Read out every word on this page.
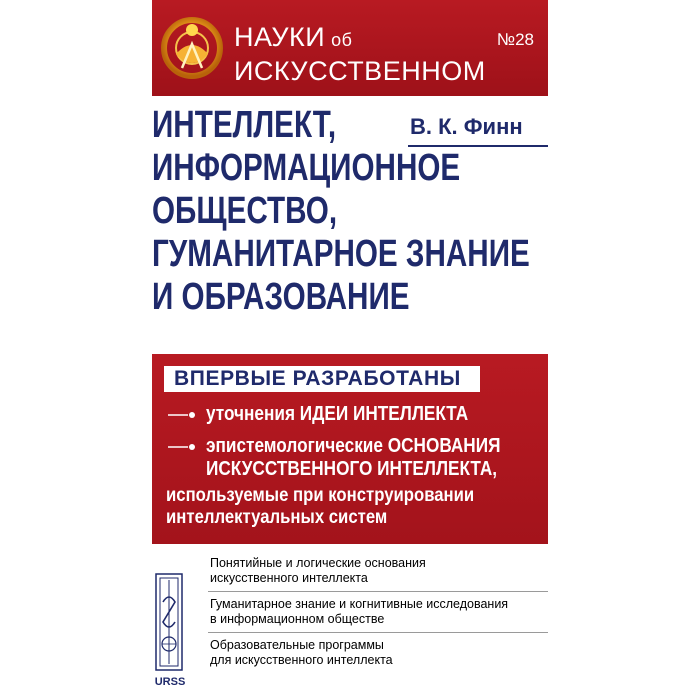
НАУКИ об	№28
ИСКУССТВЕННОМ
ИНТЕЛЛЕКТ,
ИНФОРМАЦИОННОЕ
ОБЩЕСТВО,
ГУМАНИТАРНОЕ ЗНАНИЕ
И ОБРАЗОВАНИЕ
В. К. Финн
ВПЕРВЫЕ РАЗРАБОТАНЫ
уточнения ИДЕИ ИНТЕЛЛЕКТА
эпистемологические ОСНОВАНИЯ
ИСКУССТВЕННОГО ИНТЕЛЛЕКТА,
используемые при конструировании
интеллектуальных систем
URSS
Понятийные и логические основания
искусственного интеллекта
Гуманитарное знание и когнитивные исследования
в информационном обществе
Образовательные программы
для искусственного интеллекта
